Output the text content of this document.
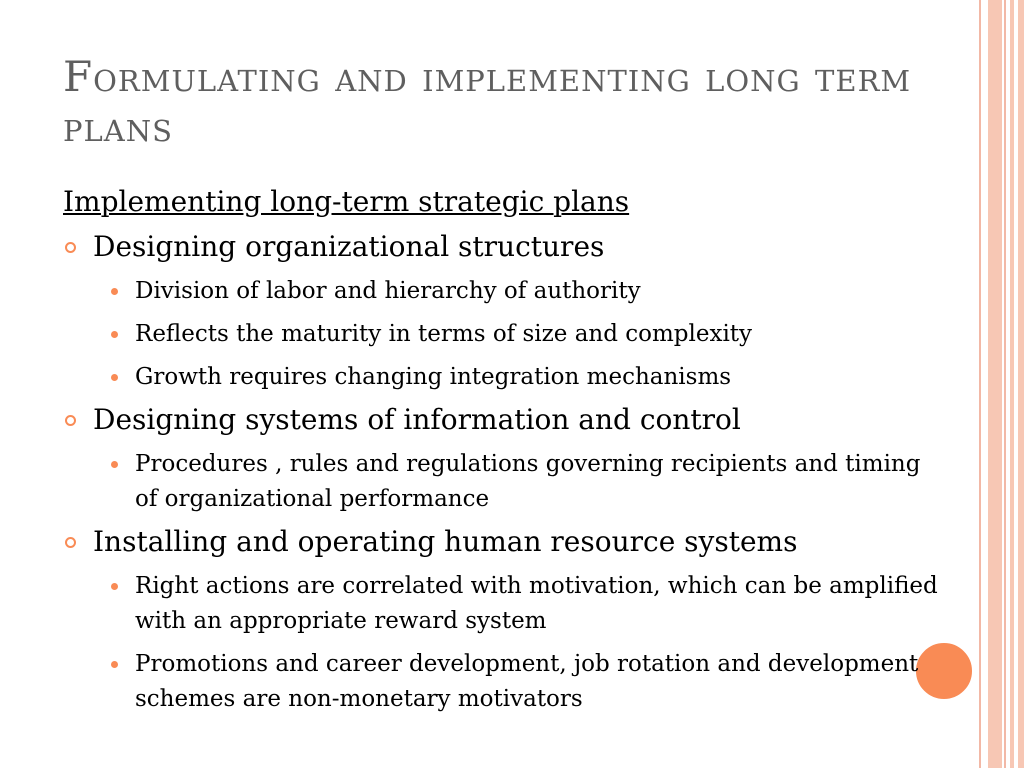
Formulating and implementing long term plans
Implementing long-term strategic plans
Designing organizational structures
Division of labor and hierarchy of authority
Reflects the maturity in terms of size and complexity
Growth requires changing integration mechanisms
Designing systems of information and control
Procedures , rules and regulations governing recipients and timing of organizational performance
Installing and operating human resource systems
Right actions are correlated with motivation, which can be amplified with an appropriate reward system
Promotions and career development, job rotation and development schemes are non-monetary motivators
